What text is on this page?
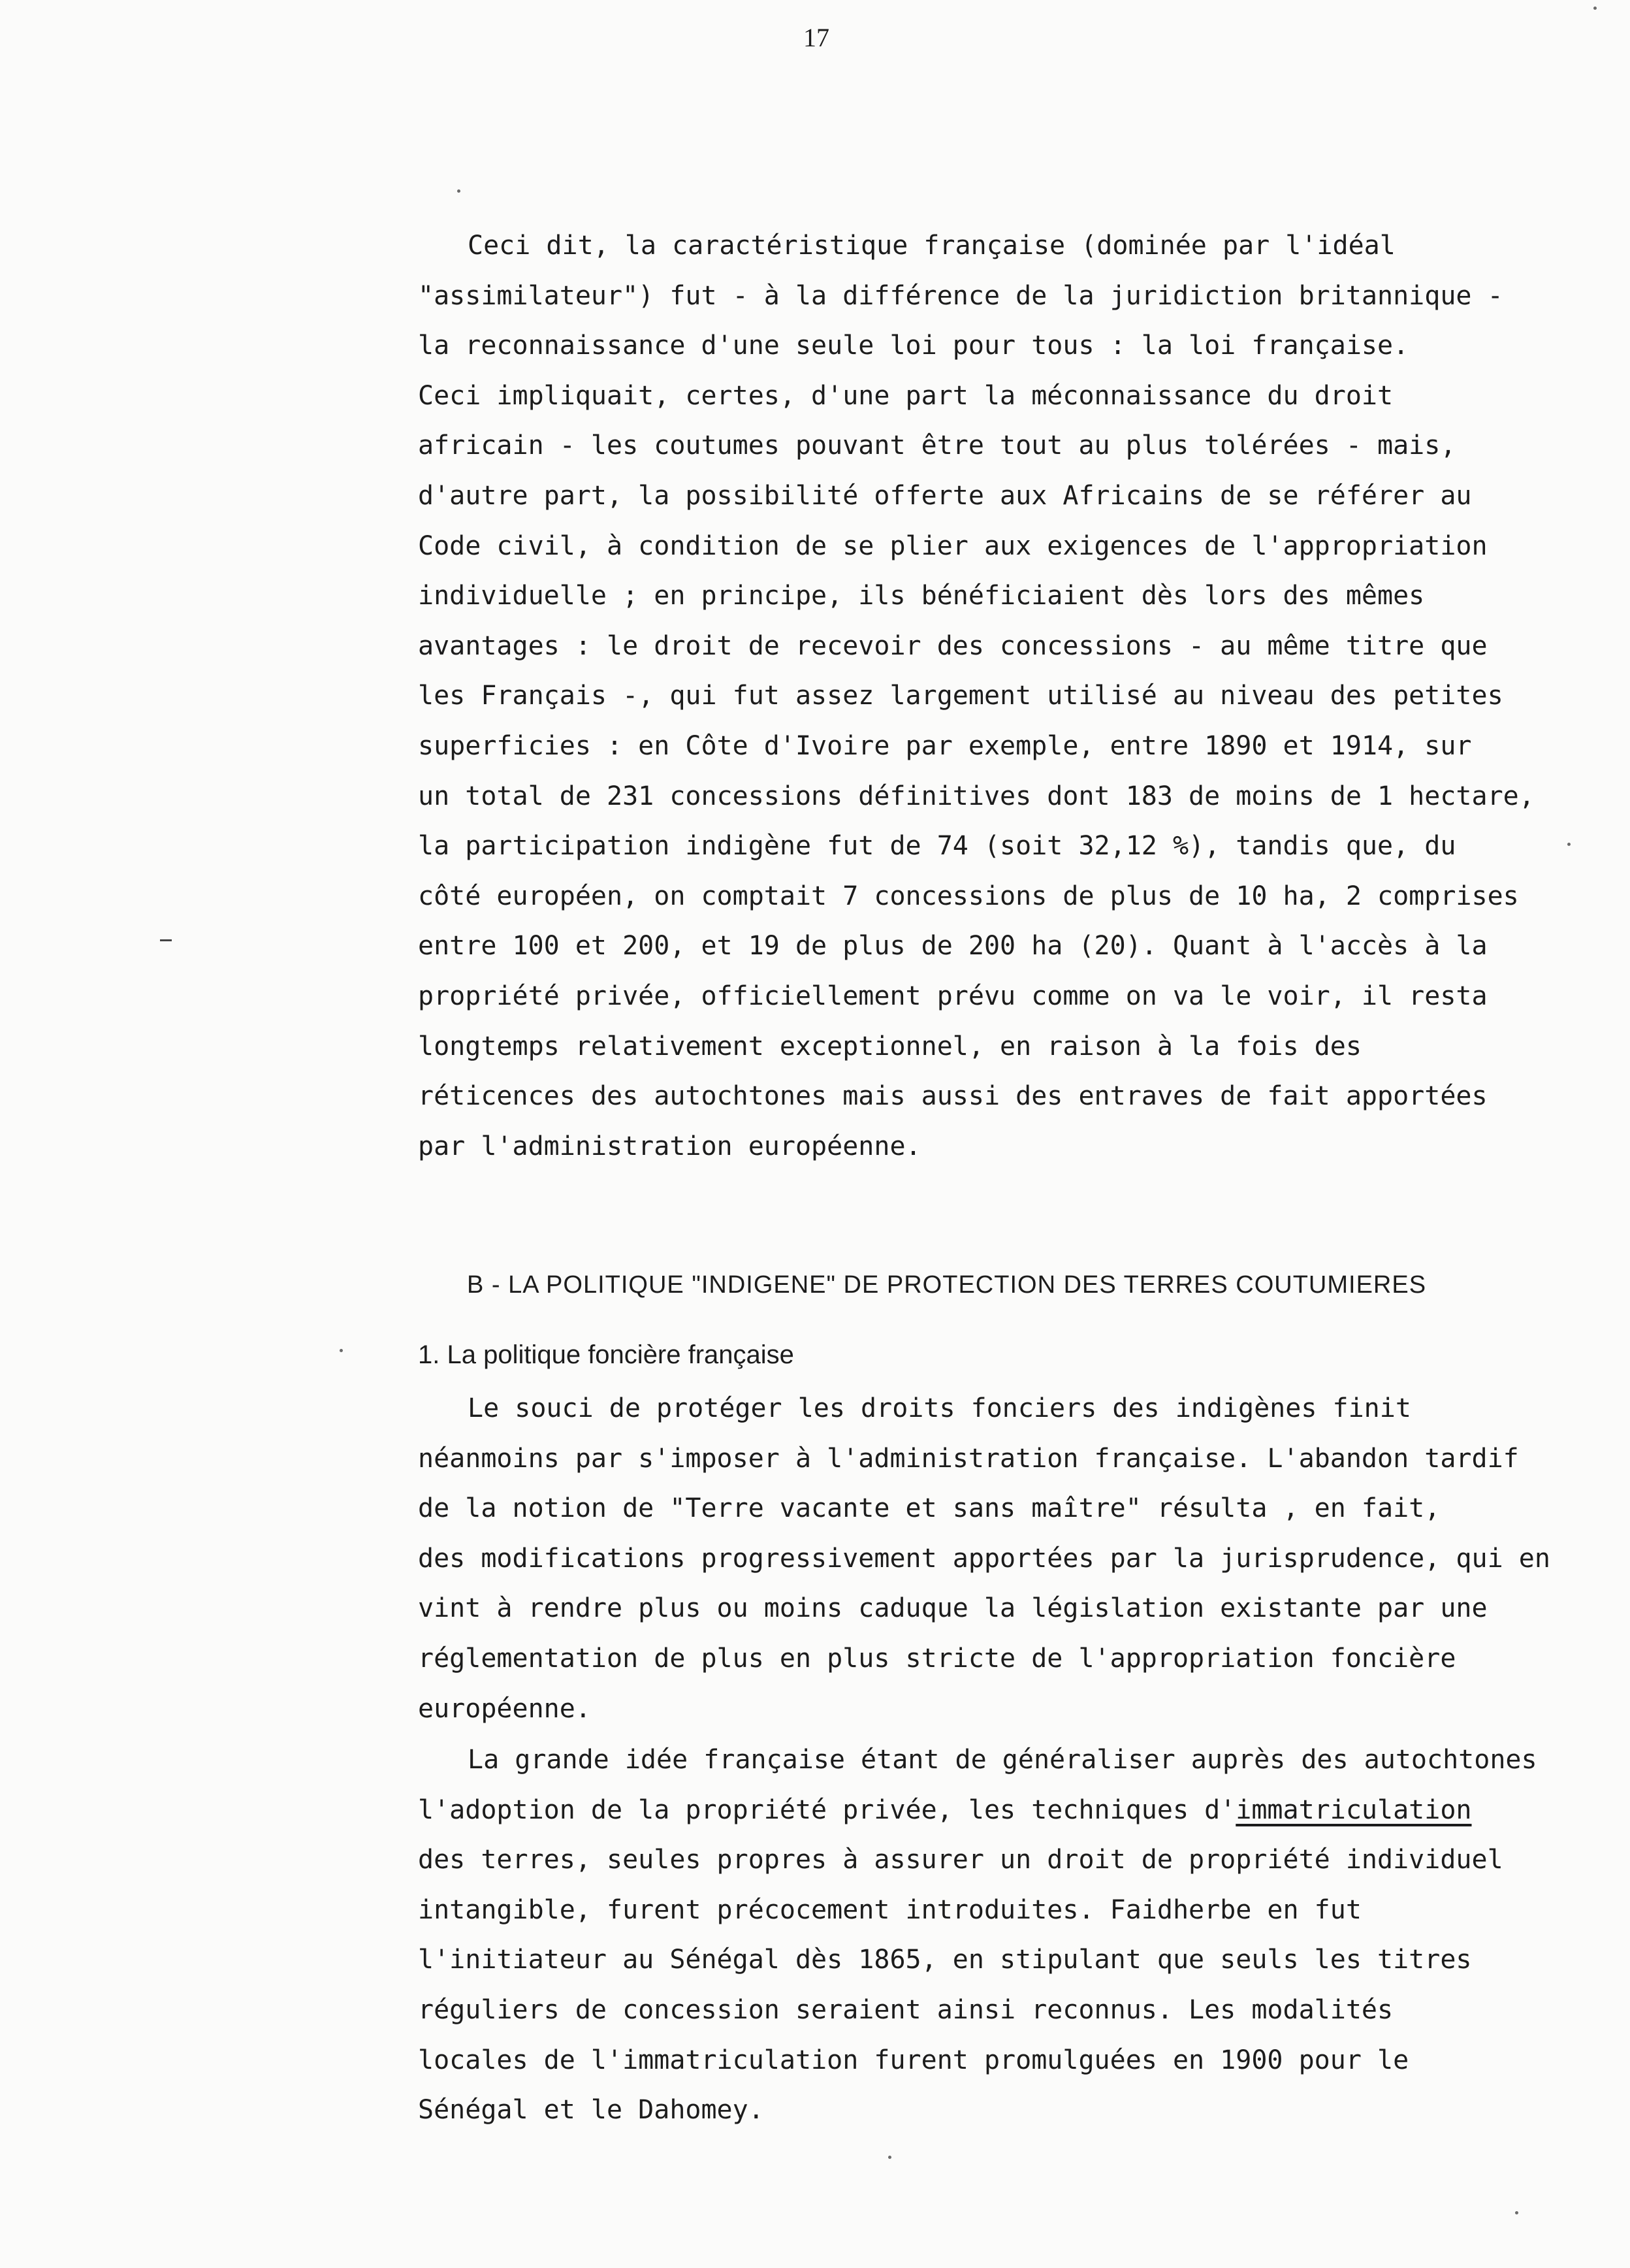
17
Ceci dit, la caractéristique française (dominée par l'idéal
"assimilateur") fut - à la différence de la juridiction britannique -
la reconnaissance d'une seule loi pour tous : la loi française.
Ceci impliquait, certes, d'une part la méconnaissance du droit
africain - les coutumes pouvant être tout au plus tolérées - mais,
d'autre part, la possibilité offerte aux Africains de se référer au
Code civil, à condition de se plier aux exigences de l'appropriation
individuelle ; en principe, ils bénéficiaient dès lors des mêmes
avantages : le droit de recevoir des concessions - au même titre que
les Français -, qui fut assez largement utilisé au niveau des petites
superficies : en Côte d'Ivoire par exemple, entre 1890 et 1914, sur
un total de 231 concessions définitives dont 183 de moins de 1 hectare,
la participation indigène fut de 74 (soit 32,12 %), tandis que, du
côté européen, on comptait 7 concessions de plus de 10 ha, 2 comprises
entre 100 et 200, et 19 de plus de 200 ha (20). Quant à l'accès à la
propriété privée, officiellement prévu comme on va le voir, il resta
longtemps relativement exceptionnel, en raison à la fois des
réticences des autochtones mais aussi des entraves de fait apportées
par l'administration européenne.
B - LA POLITIQUE "INDIGENE" DE PROTECTION DES TERRES COUTUMIERES
1. La politique foncière française
Le souci de protéger les droits fonciers des indigènes finit
néanmoins par s'imposer à l'administration française. L'abandon tardif
de la notion de "Terre vacante et sans maître" résulta , en fait,
des modifications progressivement apportées par la jurisprudence, qui en
vint à rendre plus ou moins caduque la législation existante par une
réglementation de plus en plus stricte de l'appropriation foncière
européenne.
La grande idée française étant de généraliser auprès des autochtones
l'adoption de la propriété privée, les techniques d'immatriculation
des terres, seules propres à assurer un droit de propriété individuel
intangible, furent précocement introduites. Faidherbe en fut
l'initiateur au Sénégal dès 1865, en stipulant que seuls les titres
réguliers de concession seraient ainsi reconnus. Les modalités
locales de l'immatriculation furent promulguées en 1900 pour le
Sénégal et le Dahomey.
